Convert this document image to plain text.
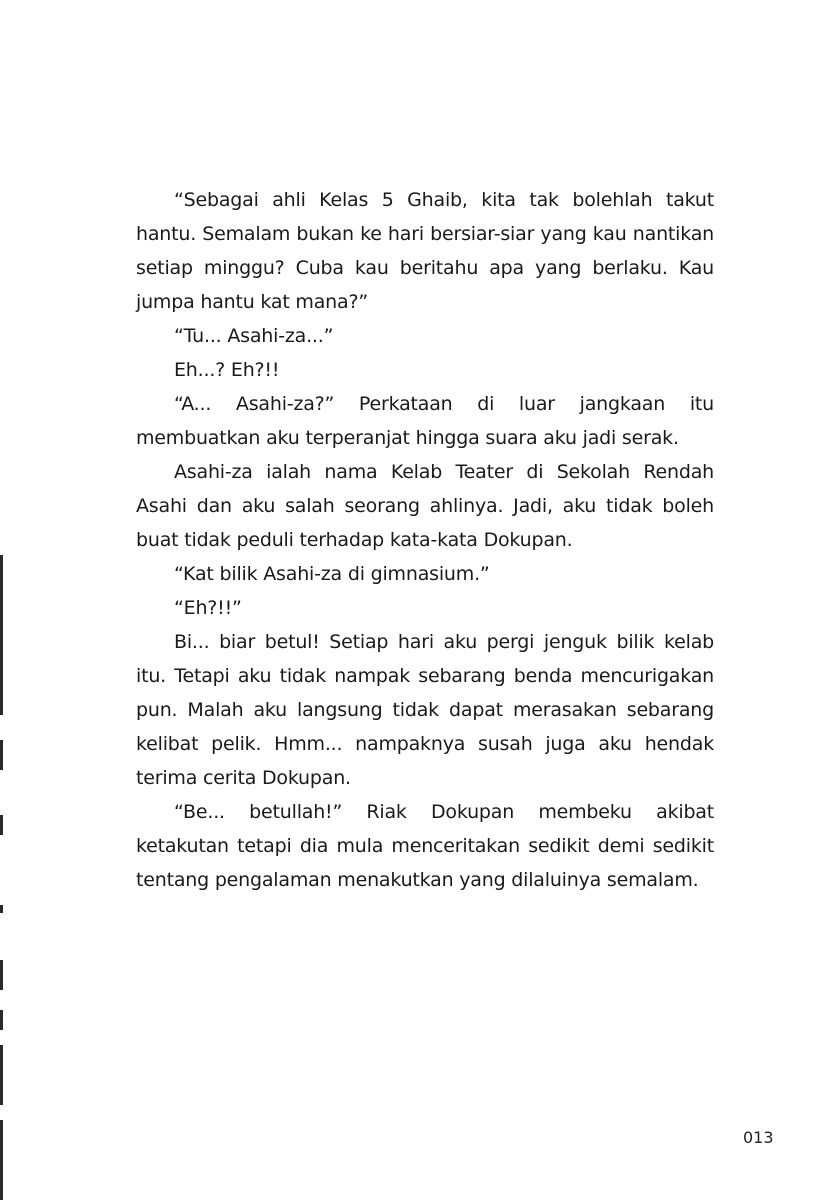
“Sebagai ahli Kelas 5 Ghaib, kita tak bolehlah takut hantu. Semalam bukan ke hari bersiar-siar yang kau nantikan setiap minggu? Cuba kau beritahu apa yang berlaku. Kau jumpa hantu kat mana?”

“Tu... Asahi-za...”

Eh...? Eh?!!

“A... Asahi-za?” Perkataan di luar jangkaan itu membuatkan aku terperanjat hingga suara aku jadi serak.

Asahi-za ialah nama Kelab Teater di Sekolah Rendah Asahi dan aku salah seorang ahlinya. Jadi, aku tidak boleh buat tidak peduli terhadap kata-kata Dokupan.

“Kat bilik Asahi-za di gimnasium.”

“Eh?!!”

Bi... biar betul! Setiap hari aku pergi jenguk bilik kelab itu. Tetapi aku tidak nampak sebarang benda mencurigakan pun. Malah aku langsung tidak dapat merasakan sebarang kelibat pelik. Hmm... nampaknya susah juga aku hendak terima cerita Dokupan.

“Be... betullah!” Riak Dokupan membeku akibat ketakutan tetapi dia mula menceritakan sedikit demi sedikit tentang pengalaman menakutkan yang dilaluinya semalam.

013
